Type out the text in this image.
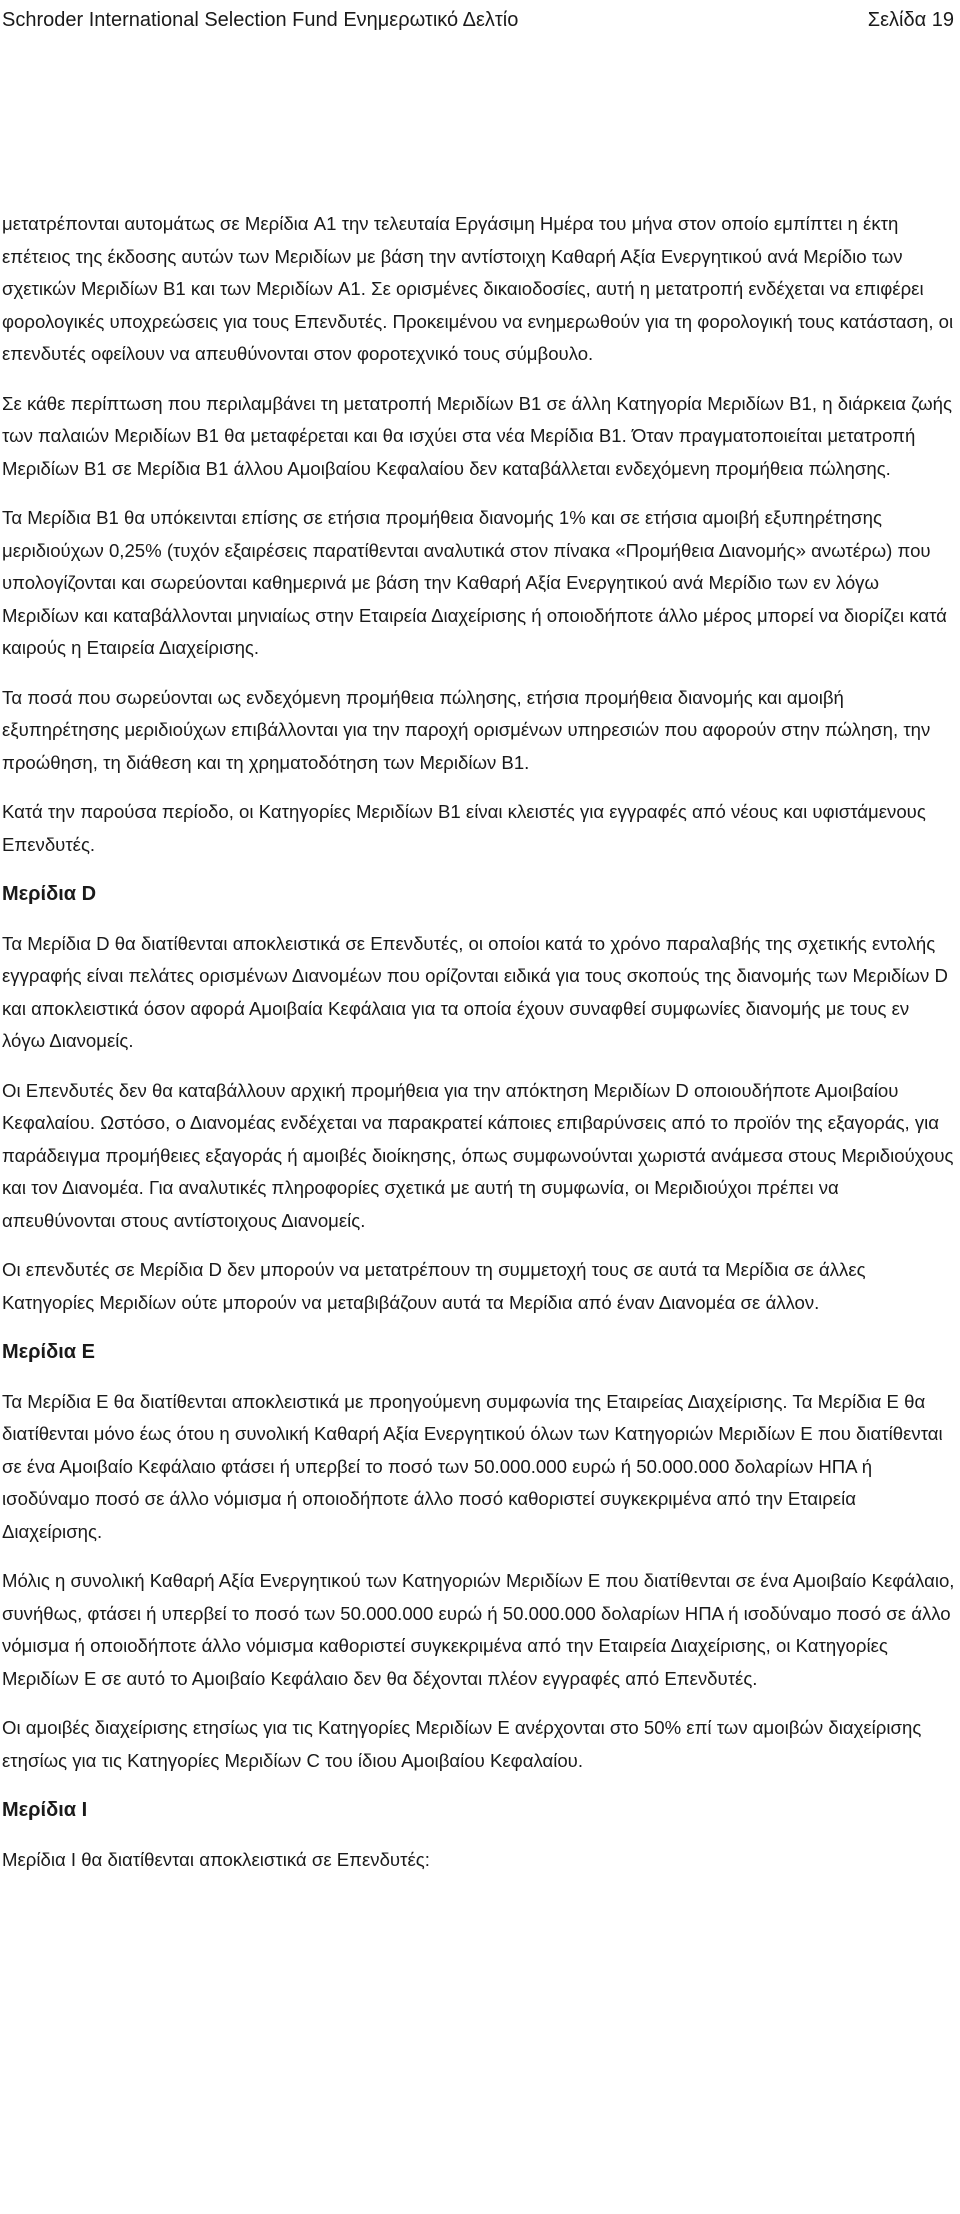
Schroder International Selection Fund Ενημερωτικό Δελτίο	Σελίδα 19

μετατρέπονται αυτομάτως σε Μερίδια A1 την τελευταία Εργάσιμη Ημέρα του μήνα στον οποίο εμπίπτει η έκτη επέτειος της έκδοσης αυτών των Μεριδίων με βάση την αντίστοιχη Καθαρή Αξία Ενεργητικού ανά Μερίδιο των σχετικών Μεριδίων B1 και των Μεριδίων A1. Σε ορισμένες δικαιοδοσίες, αυτή η μετατροπή ενδέχεται να επιφέρει φορολογικές υποχρεώσεις για τους Επενδυτές. Προκειμένου να ενημερωθούν για τη φορολογική τους κατάσταση, οι επενδυτές οφείλουν να απευθύνονται στον φοροτεχνικό τους σύμβουλο.

Σε κάθε περίπτωση που περιλαμβάνει τη μετατροπή Μεριδίων B1 σε άλλη Κατηγορία Μεριδίων B1, η διάρκεια ζωής των παλαιών Μεριδίων B1 θα μεταφέρεται και θα ισχύει στα νέα Μερίδια B1. Όταν πραγματοποιείται μετατροπή Μεριδίων B1 σε Μερίδια B1 άλλου Αμοιβαίου Κεφαλαίου δεν καταβάλλεται ενδεχόμενη προμήθεια πώλησης.

Τα Μερίδια B1 θα υπόκεινται επίσης σε ετήσια προμήθεια διανομής 1% και σε ετήσια αμοιβή εξυπηρέτησης μεριδιούχων 0,25% (τυχόν εξαιρέσεις παρατίθενται αναλυτικά στον πίνακα «Προμήθεια Διανομής» ανωτέρω) που υπολογίζονται και σωρεύονται καθημερινά με βάση την Καθαρή Αξία Ενεργητικού ανά Μερίδιο των εν λόγω Μεριδίων και καταβάλλονται μηνιαίως στην Εταιρεία Διαχείρισης ή οποιοδήποτε άλλο μέρος μπορεί να διορίζει κατά καιρούς η Εταιρεία Διαχείρισης.

Τα ποσά που σωρεύονται ως ενδεχόμενη προμήθεια πώλησης, ετήσια προμήθεια διανομής και αμοιβή εξυπηρέτησης μεριδιούχων επιβάλλονται για την παροχή ορισμένων υπηρεσιών που αφορούν στην πώληση, την προώθηση, τη διάθεση και τη χρηματοδότηση των Μεριδίων B1.

Κατά την παρούσα περίοδο, οι Κατηγορίες Μεριδίων B1 είναι κλειστές για εγγραφές από νέους και υφιστάμενους Επενδυτές.

Μερίδια D

Τα Μερίδια D θα διατίθενται αποκλειστικά σε Επενδυτές, οι οποίοι κατά το χρόνο παραλαβής της σχετικής εντολής εγγραφής είναι πελάτες ορισμένων Διανομέων που ορίζονται ειδικά για τους σκοπούς της διανομής των Μεριδίων D και αποκλειστικά όσον αφορά Αμοιβαία Κεφάλαια για τα οποία έχουν συναφθεί συμφωνίες διανομής με τους εν λόγω Διανομείς.

Οι Επενδυτές δεν θα καταβάλλουν αρχική προμήθεια για την απόκτηση Μεριδίων D οποιουδήποτε Αμοιβαίου Κεφαλαίου. Ωστόσο, ο Διανομέας ενδέχεται να παρακρατεί κάποιες επιβαρύνσεις από το προϊόν της εξαγοράς, για παράδειγμα προμήθειες εξαγοράς ή αμοιβές διοίκησης, όπως συμφωνούνται χωριστά ανάμεσα στους Μεριδιούχους και τον Διανομέα. Για αναλυτικές πληροφορίες σχετικά με αυτή τη συμφωνία, οι Μεριδιούχοι πρέπει να απευθύνονται στους αντίστοιχους Διανομείς.

Οι επενδυτές σε Μερίδια D δεν μπορούν να μετατρέπουν τη συμμετοχή τους σε αυτά τα Μερίδια σε άλλες Κατηγορίες Μεριδίων ούτε μπορούν να μεταβιβάζουν αυτά τα Μερίδια από έναν Διανομέα σε άλλον.

Μερίδια E

Τα Μερίδια E θα διατίθενται αποκλειστικά με προηγούμενη συμφωνία της Εταιρείας Διαχείρισης. Τα Μερίδια E θα διατίθενται μόνο έως ότου η συνολική Καθαρή Αξία Ενεργητικού όλων των Κατηγοριών Μεριδίων E που διατίθενται σε ένα Αμοιβαίο Κεφάλαιο φτάσει ή υπερβεί το ποσό των 50.000.000 ευρώ ή 50.000.000 δολαρίων ΗΠΑ ή ισοδύναμο ποσό σε άλλο νόμισμα ή οποιοδήποτε άλλο ποσό καθοριστεί συγκεκριμένα από την Εταιρεία Διαχείρισης.

Μόλις η συνολική Καθαρή Αξία Ενεργητικού των Κατηγοριών Μεριδίων E που διατίθενται σε ένα Αμοιβαίο Κεφάλαιο, συνήθως, φτάσει ή υπερβεί το ποσό των 50.000.000 ευρώ ή 50.000.000 δολαρίων ΗΠΑ ή ισοδύναμο ποσό σε άλλο νόμισμα ή οποιοδήποτε άλλο νόμισμα καθοριστεί συγκεκριμένα από την Εταιρεία Διαχείρισης, οι Κατηγορίες Μεριδίων E σε αυτό το Αμοιβαίο Κεφάλαιο δεν θα δέχονται πλέον εγγραφές από Επενδυτές.

Οι αμοιβές διαχείρισης ετησίως για τις Κατηγορίες Μεριδίων E ανέρχονται στο 50% επί των αμοιβών διαχείρισης ετησίως για τις Κατηγορίες Μεριδίων C του ίδιου Αμοιβαίου Κεφαλαίου.

Μερίδια I

Μερίδια I θα διατίθενται αποκλειστικά σε Επενδυτές:
